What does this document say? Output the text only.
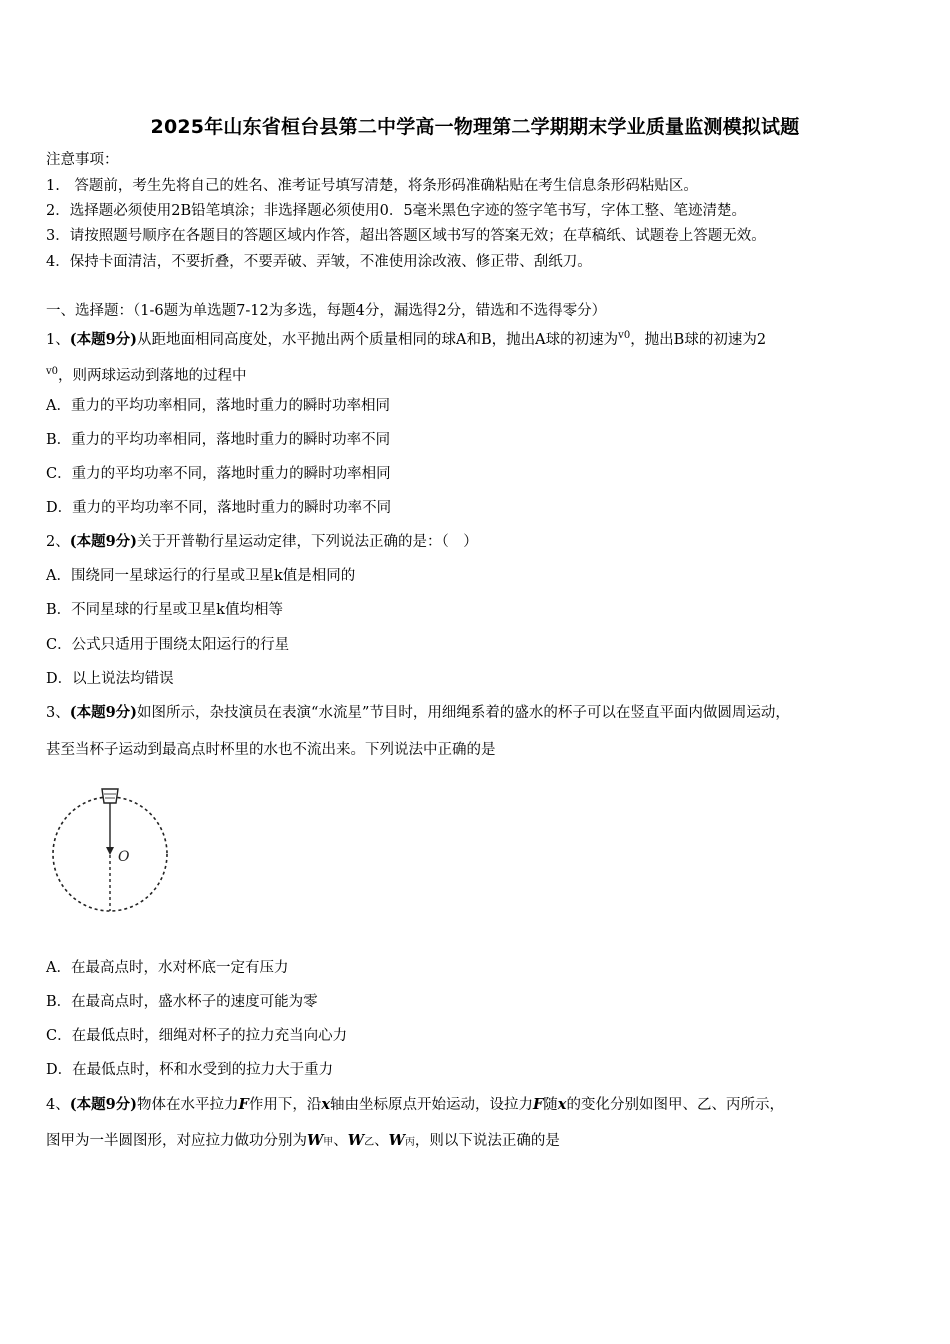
2025年山东省桓台县第二中学高一物理第二学期期末学业质量监测模拟试题
注意事项：
1.　答题前，考生先将自己的姓名、准考证号填写清楚，将条形码准确粘贴在考生信息条形码粘贴区。
2．选择题必须使用2B铅笔填涂；非选择题必须使用0．5毫米黑色字迹的签字笔书写，字体工整、笔迹清楚。
3．请按照题号顺序在各题目的答题区域内作答，超出答题区域书写的答案无效；在草稿纸、试题卷上答题无效。
4．保持卡面清洁，不要折叠，不要弄破、弄皱，不准使用涂改液、修正带、刮纸刀。
一、选择题：（1-6题为单选题7-12为多选，每题4分，漏选得2分，错选和不选得零分）
1、(本题9分)从距地面相同高度处，水平抛出两个质量相同的球A和B，抛出A球的初速为$^{v0}$，抛出B球的初速为2
$^{v0}$，则两球运动到落地的过程中
A．重力的平均功率相同，落地时重力的瞬时功率相同
B．重力的平均功率相同，落地时重力的瞬时功率不同
C．重力的平均功率不同，落地时重力的瞬时功率相同
D．重力的平均功率不同，落地时重力的瞬时功率不同
2、(本题9分)关于开普勒行星运动定律，下列说法正确的是：（　）
A．围绕同一星球运行的行星或卫星k值是相同的
B．不同星球的行星或卫星k值均相等
C．公式只适用于围绕太阳运行的行星
D．以上说法均错误
3、(本题9分)如图所示，杂技演员在表演“水流星”节目时，用细绳系着的盛水的杯子可以在竖直平面内做圆周运动，
甚至当杯子运动到最高点时杯里的水也不流出来。下列说法中正确的是
O
A．在最高点时，水对杯底一定有压力
B．在最高点时，盛水杯子的速度可能为零
C．在最低点时，细绳对杯子的拉力充当向心力
D．在最低点时，杯和水受到的拉力大于重力
4、(本题9分)物体在水平拉力F作用下，沿x轴由坐标原点开始运动，设拉力F随x的变化分别如图甲、乙、丙所示，
图甲为一半圆图形，对应拉力做功分别为W甲、W乙、W丙，则以下说法正确的是
